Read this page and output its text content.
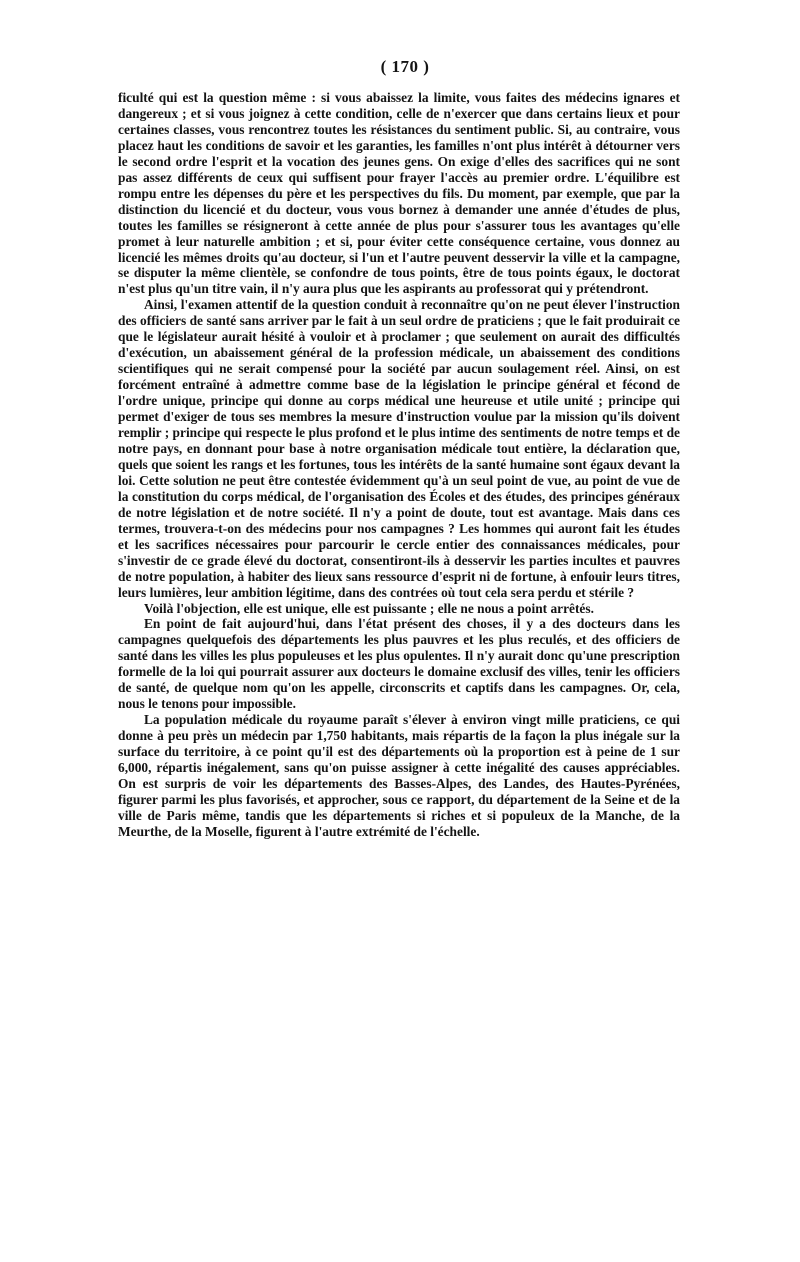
( 170 )

ficulté qui est la question même : si vous abaissez la limite, vous faites des médecins ignares et dangereux ; et si vous joignez à cette condition, celle de n'exercer que dans certains lieux et pour certaines classes, vous rencontrez toutes les résistances du sentiment public. Si, au contraire, vous placez haut les conditions de savoir et les garanties, les familles n'ont plus intérêt à détourner vers le second ordre l'esprit et la vocation des jeunes gens. On exige d'elles des sacrifices qui ne sont pas assez différents de ceux qui suffisent pour frayer l'accès au premier ordre. L'équilibre est rompu entre les dépenses du père et les perspectives du fils. Du moment, par exemple, que par la distinction du licencié et du docteur, vous vous bornez à demander une année d'études de plus, toutes les familles se résigneront à cette année de plus pour s'assurer tous les avantages qu'elle promet à leur naturelle ambition ; et si, pour éviter cette conséquence certaine, vous donnez au licencié les mêmes droits qu'au docteur, si l'un et l'autre peuvent desservir la ville et la campagne, se disputer la même clientèle, se confondre de tous points, être de tous points égaux, le doctorat n'est plus qu'un titre vain, il n'y aura plus que les aspirants au professorat qui y prétendront.

Ainsi, l'examen attentif de la question conduit à reconnaître qu'on ne peut élever l'instruction des officiers de santé sans arriver par le fait à un seul ordre de praticiens ; que le fait produirait ce que le législateur aurait hésité à vouloir et à proclamer ; que seulement on aurait des difficultés d'exécution, un abaissement général de la profession médicale, un abaissement des conditions scientifiques qui ne serait compensé pour la société par aucun soulagement réel. Ainsi, on est forcément entraîné à admettre comme base de la législation le principe général et fécond de l'ordre unique, principe qui donne au corps médical une heureuse et utile unité ; principe qui permet d'exiger de tous ses membres la mesure d'instruction voulue par la mission qu'ils doivent remplir ; principe qui respecte le plus profond et le plus intime des sentiments de notre temps et de notre pays, en donnant pour base à notre organisation médicale tout entière, la déclaration que, quels que soient les rangs et les fortunes, tous les intérêts de la santé humaine sont égaux devant la loi. Cette solution ne peut être contestée évidemment qu'à un seul point de vue, au point de vue de la constitution du corps médical, de l'organisation des Écoles et des études, des principes généraux de notre législation et de notre société. Il n'y a point de doute, tout est avantage. Mais dans ces termes, trouvera-t-on des médecins pour nos campagnes ? Les hommes qui auront fait les études et les sacrifices nécessaires pour parcourir le cercle entier des connaissances médicales, pour s'investir de ce grade élevé du doctorat, consentiront-ils à desservir les parties incultes et pauvres de notre population, à habiter des lieux sans ressource d'esprit ni de fortune, à enfouir leurs titres, leurs lumières, leur ambition légitime, dans des contrées où tout cela sera perdu et stérile ?

Voilà l'objection, elle est unique, elle est puissante ; elle ne nous a point arrêtés.

En point de fait aujourd'hui, dans l'état présent des choses, il y a des docteurs dans les campagnes quelquefois des départements les plus pauvres et les plus reculés, et des officiers de santé dans les villes les plus populeuses et les plus opulentes. Il n'y aurait donc qu'une prescription formelle de la loi qui pourrait assurer aux docteurs le domaine exclusif des villes, tenir les officiers de santé, de quelque nom qu'on les appelle, circonscrits et captifs dans les campagnes. Or, cela, nous le tenons pour impossible.

La population médicale du royaume paraît s'élever à environ vingt mille praticiens, ce qui donne à peu près un médecin par 1,750 habitants, mais répartis de la façon la plus inégale sur la surface du territoire, à ce point qu'il est des départements où la proportion est à peine de 1 sur 6,000, répartis inégalement, sans qu'on puisse assigner à cette inégalité des causes appréciables. On est surpris de voir les départements des Basses-Alpes, des Landes, des Hautes-Pyrénées, figurer parmi les plus favorisés, et approcher, sous ce rapport, du département de la Seine et de la ville de Paris même, tandis que les départements si riches et si populeux de la Manche, de la Meurthe, de la Moselle, figurent à l'autre extrémité de l'échelle.
